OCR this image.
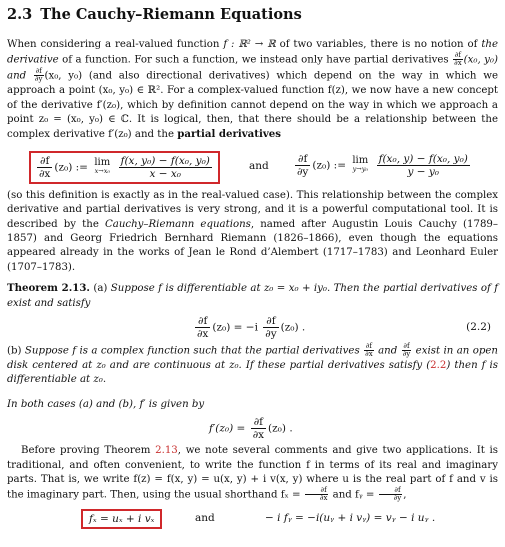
2.3 The Cauchy–Riemann Equations

When considering a real-valued function f : ℝ² → ℝ of two variables, there is no notion of the derivative of a function. For such a function, we instead only have partial derivatives $\frac{\partial f}{\partial x} (x_0$, y₀) and $\frac{\partial f}{\partial y} (x_0$, y₀) (and also directional derivatives) which depend on the way in which we approach a point (x₀, y₀) ∈ ℝ². For a complex-valued function f(z), we now have a new concept of the derivative f′(z₀), which by definition cannot depend on the way in which we approach a point z₀ = (x₀, y₀) ∈ ℂ. It is logical, then, that there should be a relationship between the complex derivative f′(z₀) and the partial derivatives

$\frac{\partial f}{\partial x} (z_0)$ := lim
x→x₀
$\frac{\text{f(x, y₀) − f(x₀, y₀)}}{\text{x − x₀}}$	and	$\frac{\partial f}{\partial y} (z_0)$ := lim
y→y₀
$\frac{\text{f(x₀, y) − f(x₀, y₀)}}{\text{y − y₀}}$

(so this definition is exactly as in the real-valued case). This relationship between the complex derivative and partial derivatives is very strong, and it is a powerful computational tool. It is described by the Cauchy–Riemann equations, named after Augustin Louis Cauchy (1789–1857) and Georg Friedrich Bernhard Riemann (1826–1866), even though the equations appeared already in the works of Jean le Rond d’Alembert (1717–1783) and Leonhard Euler (1707–1783).

Theorem 2.13. (a) Suppose f is differentiable at z₀ = x₀ + iy₀. Then the partial derivatives of f exist and satisfy

$\frac{\partial f}{\partial x} (z_0) = -i \frac{\partial f}{\partial y} (z_0)$ .	(2.2)

(b) Suppose f is a complex function such that the partial derivatives $\frac{\partial f}{\partial x}$ and $\frac{\partial f}{\partial y}$ exist in an open disk centered at z₀ and are continuous at z₀. If these partial derivatives satisfy (2.2) then f is differentiable at z₀.

In both cases (a) and (b), f′ is given by

$f'(z_0) = \frac{\partial f}{\partial x} (z_0)$ .

Before proving Theorem 2.13, we note several comments and give two applications. It is traditional, and often convenient, to write the function f in terms of its real and imaginary parts. That is, we write f(z) = f(x, y) = u(x, y) + i v(x, y) where u is the real part of f and v is the imaginary part. Then, using the usual shorthand $f_x = \frac{\partial f}{\partial x}$ and fᵧ = $\frac{\partial f}{\partial y}$ ,

fₓ = uₓ + i vₓ	and	− i fᵧ = −i(uᵧ + i vᵧ) = vᵧ − i uᵧ .
